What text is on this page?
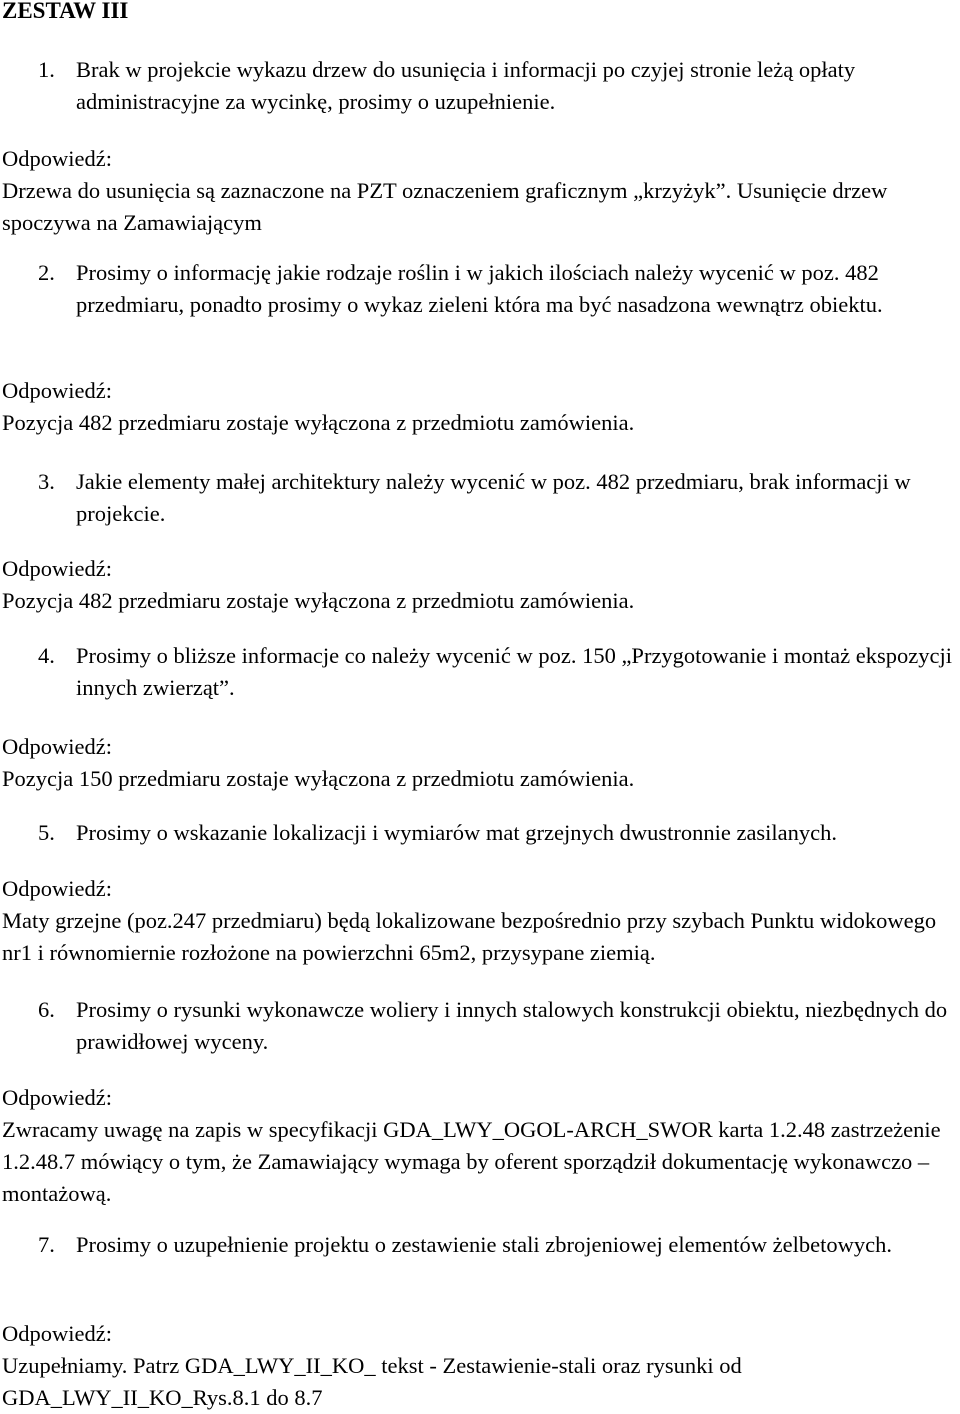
ZESTAW III
1. Brak w projekcie wykazu drzew do usunięcia i informacji po czyjej stronie leżą opłaty administracyjne za wycinkę, prosimy o uzupełnienie.
Odpowiedź:
Drzewa do usunięcia są zaznaczone na PZT oznaczeniem graficznym „krzyżyk”. Usunięcie drzew spoczywa na Zamawiającym
2. Prosimy o informację jakie rodzaje roślin i w jakich ilościach należy wycenić w poz. 482 przedmiaru, ponadto prosimy o wykaz zieleni która ma być nasadzona wewnątrz obiektu.
Odpowiedź:
Pozycja 482 przedmiaru zostaje wyłączona z przedmiotu zamówienia.
3. Jakie elementy małej architektury należy wycenić w poz. 482 przedmiaru, brak informacji w projekcie.
Odpowiedź:
Pozycja 482 przedmiaru zostaje wyłączona z przedmiotu zamówienia.
4. Prosimy o bliższe informacje co należy wycenić w poz. 150 „Przygotowanie i montaż ekspozycji innych zwierząt”.
Odpowiedź:
Pozycja 150 przedmiaru zostaje wyłączona z przedmiotu zamówienia.
5. Prosimy o wskazanie lokalizacji i wymiarów mat grzejnych dwustronnie zasilanych.
Odpowiedź:
Maty grzejne (poz.247 przedmiaru) będą lokalizowane bezpośrednio przy szybach Punktu widokowego nr1 i równomiernie rozłożone na powierzchni 65m2, przysypane ziemią.
6. Prosimy o rysunki wykonawcze woliery i innych stalowych konstrukcji obiektu, niezbędnych do prawidłowej wyceny.
Odpowiedź:
Zwracamy uwagę na zapis w specyfikacji GDA_LWY_OGOL-ARCH_SWOR karta 1.2.48 zastrzeżenie 1.2.48.7 mówiący o tym, że Zamawiający wymaga by oferent sporządził dokumentację wykonawczo – montażową.
7. Prosimy o uzupełnienie projektu o zestawienie stali zbrojeniowej elementów żelbetowych.
Odpowiedź:
Uzupełniamy. Patrz GDA_LWY_II_KO_ tekst - Zestawienie-stali oraz rysunki od GDA_LWY_II_KO_Rys.8.1 do 8.7
